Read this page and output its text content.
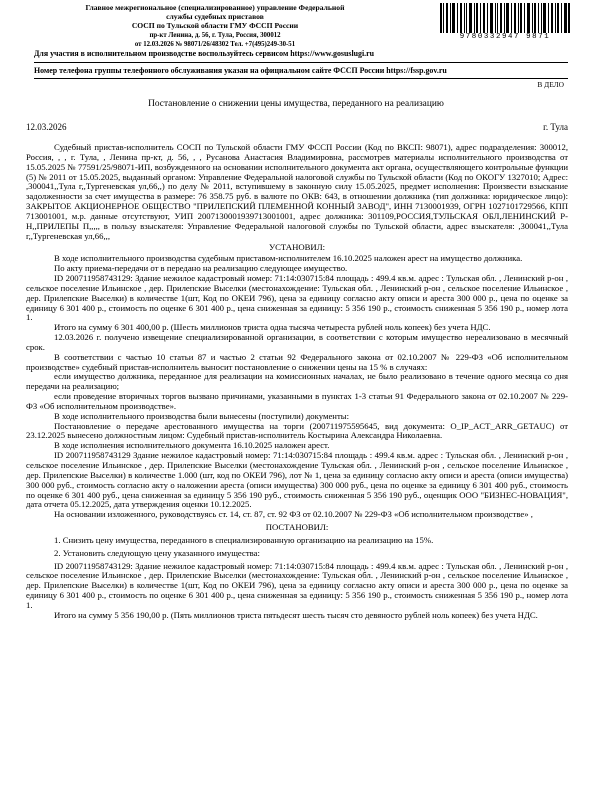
Главное межрегиональное (специализированное) управление Федеральной
службы судебных приставов
СОСП по Тульской области ГМУ ФССП России
пр-кт Ленина, д. 56, г. Тула, Россия, 300012
от 12.03.2026 № 98071/26/48302 Тел. +7(495)249-30-51
9780332947 9871
Для участия в исполнительном производстве воспользуйтесь сервисом https://www.gosuslugi.ru
Номер телефона группы телефонного обслуживания указан на официальном сайте ФССП России https://fssp.gov.ru
В ДЕЛО
Постановление о снижении цены имущества, переданного на реализацию
12.03.2026	г. Тула

Судебный пристав-исполнитель СОСП по Тульской области ГМУ ФССП России (Код по ВКСП: 98071), адрес подразделения: 300012, Россия, , , г. Тула, , Ленина пр-кт, д. 56, , , Русанова Анастасия Владимировна, рассмотрев материалы исполнительного производства от 15.05.2025 № 77591/25/98071-ИП, возбужденного на основании исполнительного документа акт органа, осуществляющего контрольные функции (5) № 2011 от 15.05.2025, выданный органом: Управление Федеральной налоговой службы по Тульской области (Код по ОКОГУ 1327010; Адрес: ,300041,,Тула г,,Тургеневская ул,66,,) по делу № 2011, вступившему в законную силу 15.05.2025, предмет исполнения: Произвести взыскание задолженности за счет имущества в размере: 76 358.75 руб. в валюте по ОКВ: 643, в отношении должника (тип должника: юридическое лицо): ЗАКРЫТОЕ АКЦИОНЕРНОЕ ОБЩЕСТВО "ПРИЛЕПСКИЙ ПЛЕМЕННОЙ КОННЫЙ ЗАВОД", ИНН 7130001939, ОГРН 1027101729566, КПП 713001001, м.р. данные отсутствуют, УИП 2007130001939713001001, адрес должника: 301109,РОССИЯ,ТУЛЬСКАЯ ОБЛ,ЛЕНИНСКИЙ Р-Н,,ПРИЛЕПЫ П,,,,, в пользу взыскателя: Управление Федеральной налоговой службы по Тульской области, адрес взыскателя: ,300041,,Тула г,,Тургеневская ул,66,,,

УСТАНОВИЛ:

В ходе исполнительного производства судебным приставом-исполнителем 16.10.2025 наложен арест на имущество должника.

По акту приема-передачи от в передано на реализацию следующее имущество.

ID 200711958743129: Здание нежилое кадастровый номер: 71:14:030715:84 площадь : 499.4 кв.м. адрес : Тульская обл. , Ленинский р-он , сельское поселение Ильинское , дер. Прилепские Выселки (местонахождение: Тульская обл. , Ленинский р-он , сельское поселение Ильинское , дер. Прилепские Выселки) в количестве 1(шт, Код по ОКЕИ 796), цена за единицу согласно акту описи и ареста 300 000 р., цена по оценке за единицу 6 301 400 р., стоимость по оценке 6 301 400 р., цена сниженная за единицу: 5 356 190 р., стоимость сниженная 5 356 190 р., номер лота 1.

Итого на сумму 6 301 400,00 р. (Шесть миллионов триста одна тысяча четыреста рублей ноль копеек) без учета НДС.

12.03.2026 г. получено извещение специализированной организации, в соответствии с которым имущество нереализовано в месячный срок.

В соответствии с частью 10 статьи 87 и частью 2 статьи 92 Федерального закона от 02.10.2007 № 229-ФЗ «Об исполнительном производстве» судебный пристав-исполнитель выносит постановление о снижении цены на 15 % в случаях:

если имущество должника, переданное для реализации на комиссионных началах, не было реализовано в течение одного месяца со дня передачи на реализацию;

если проведение вторичных торгов вызвано причинами, указанными в пунктах 1-3 статьи 91 Федерального закона от 02.10.2007 № 229-ФЗ «Об исполнительном производстве».

В ходе исполнительного производства были вынесены (поступили) документы:

Постановление о передаче арестованного имущества на торги (200711975595645, вид документа: O_IP_ACT_ARR_GETAUC) от 23.12.2025 вынесено должностным лицом: Судебный пристав-исполнитель Костырина Александра Николаевна.

В ходе исполнения исполнительного документа 16.10.2025 наложен арест.

ID 200711958743129 Здание нежилое кадастровый номер: 71:14:030715:84 площадь : 499.4 кв.м. адрес : Тульская обл. , Ленинский р-он , сельское поселение Ильинское , дер. Прилепские Выселки (местонахождение Тульская обл. , Ленинский р-он , сельское поселение Ильинское , дер. Прилепские Выселки) в количестве 1.000 (шт, код по ОКЕИ 796), лот № 1, цена за единицу согласно акту описи и ареста (описи имущества) 300 000 руб., стоимость согласно акту о наложении ареста (описи имущества) 300 000 руб., цена по оценке за единицу 6 301 400 руб., стоимость по оценке 6 301 400 руб., цена сниженная за единицу 5 356 190 руб., стоимость сниженная 5 356 190 руб., оценщик ООО "БИЗНЕС-НОВАЦИЯ", дата отчета 05.12.2025, дата утверждения оценки 10.12.2025.

На основании изложенного, руководствуясь ст. 14, ст. 87, ст. 92 ФЗ от 02.10.2007 № 229-ФЗ «Об исполнительном производстве» ,

ПОСТАНОВИЛ:

1. Снизить цену имущества, переданного в специализированную организацию на реализацию на 15%.

2. Установить следующую цену указанного имущества:

ID 200711958743129: Здание нежилое кадастровый номер: 71:14:030715:84 площадь : 499.4 кв.м. адрес : Тульская обл. , Ленинский р-он , сельское поселение Ильинское , дер. Прилепские Выселки (местонахождение: Тульская обл. , Ленинский р-он , сельское поселение Ильинское , дер. Прилепские Выселки) в количестве 1(шт, Код по ОКЕИ 796), цена за единицу согласно акту описи и ареста 300 000 р., цена по оценке за единицу 6 301 400 р., стоимость по оценке 6 301 400 р., цена сниженная за единицу: 5 356 190 р., стоимость сниженная 5 356 190 р., номер лота 1.

Итого на сумму 5 356 190,00 р. (Пять миллионов триста пятьдесят шесть тысяч сто девяносто рублей ноль копеек) без учета НДС.
